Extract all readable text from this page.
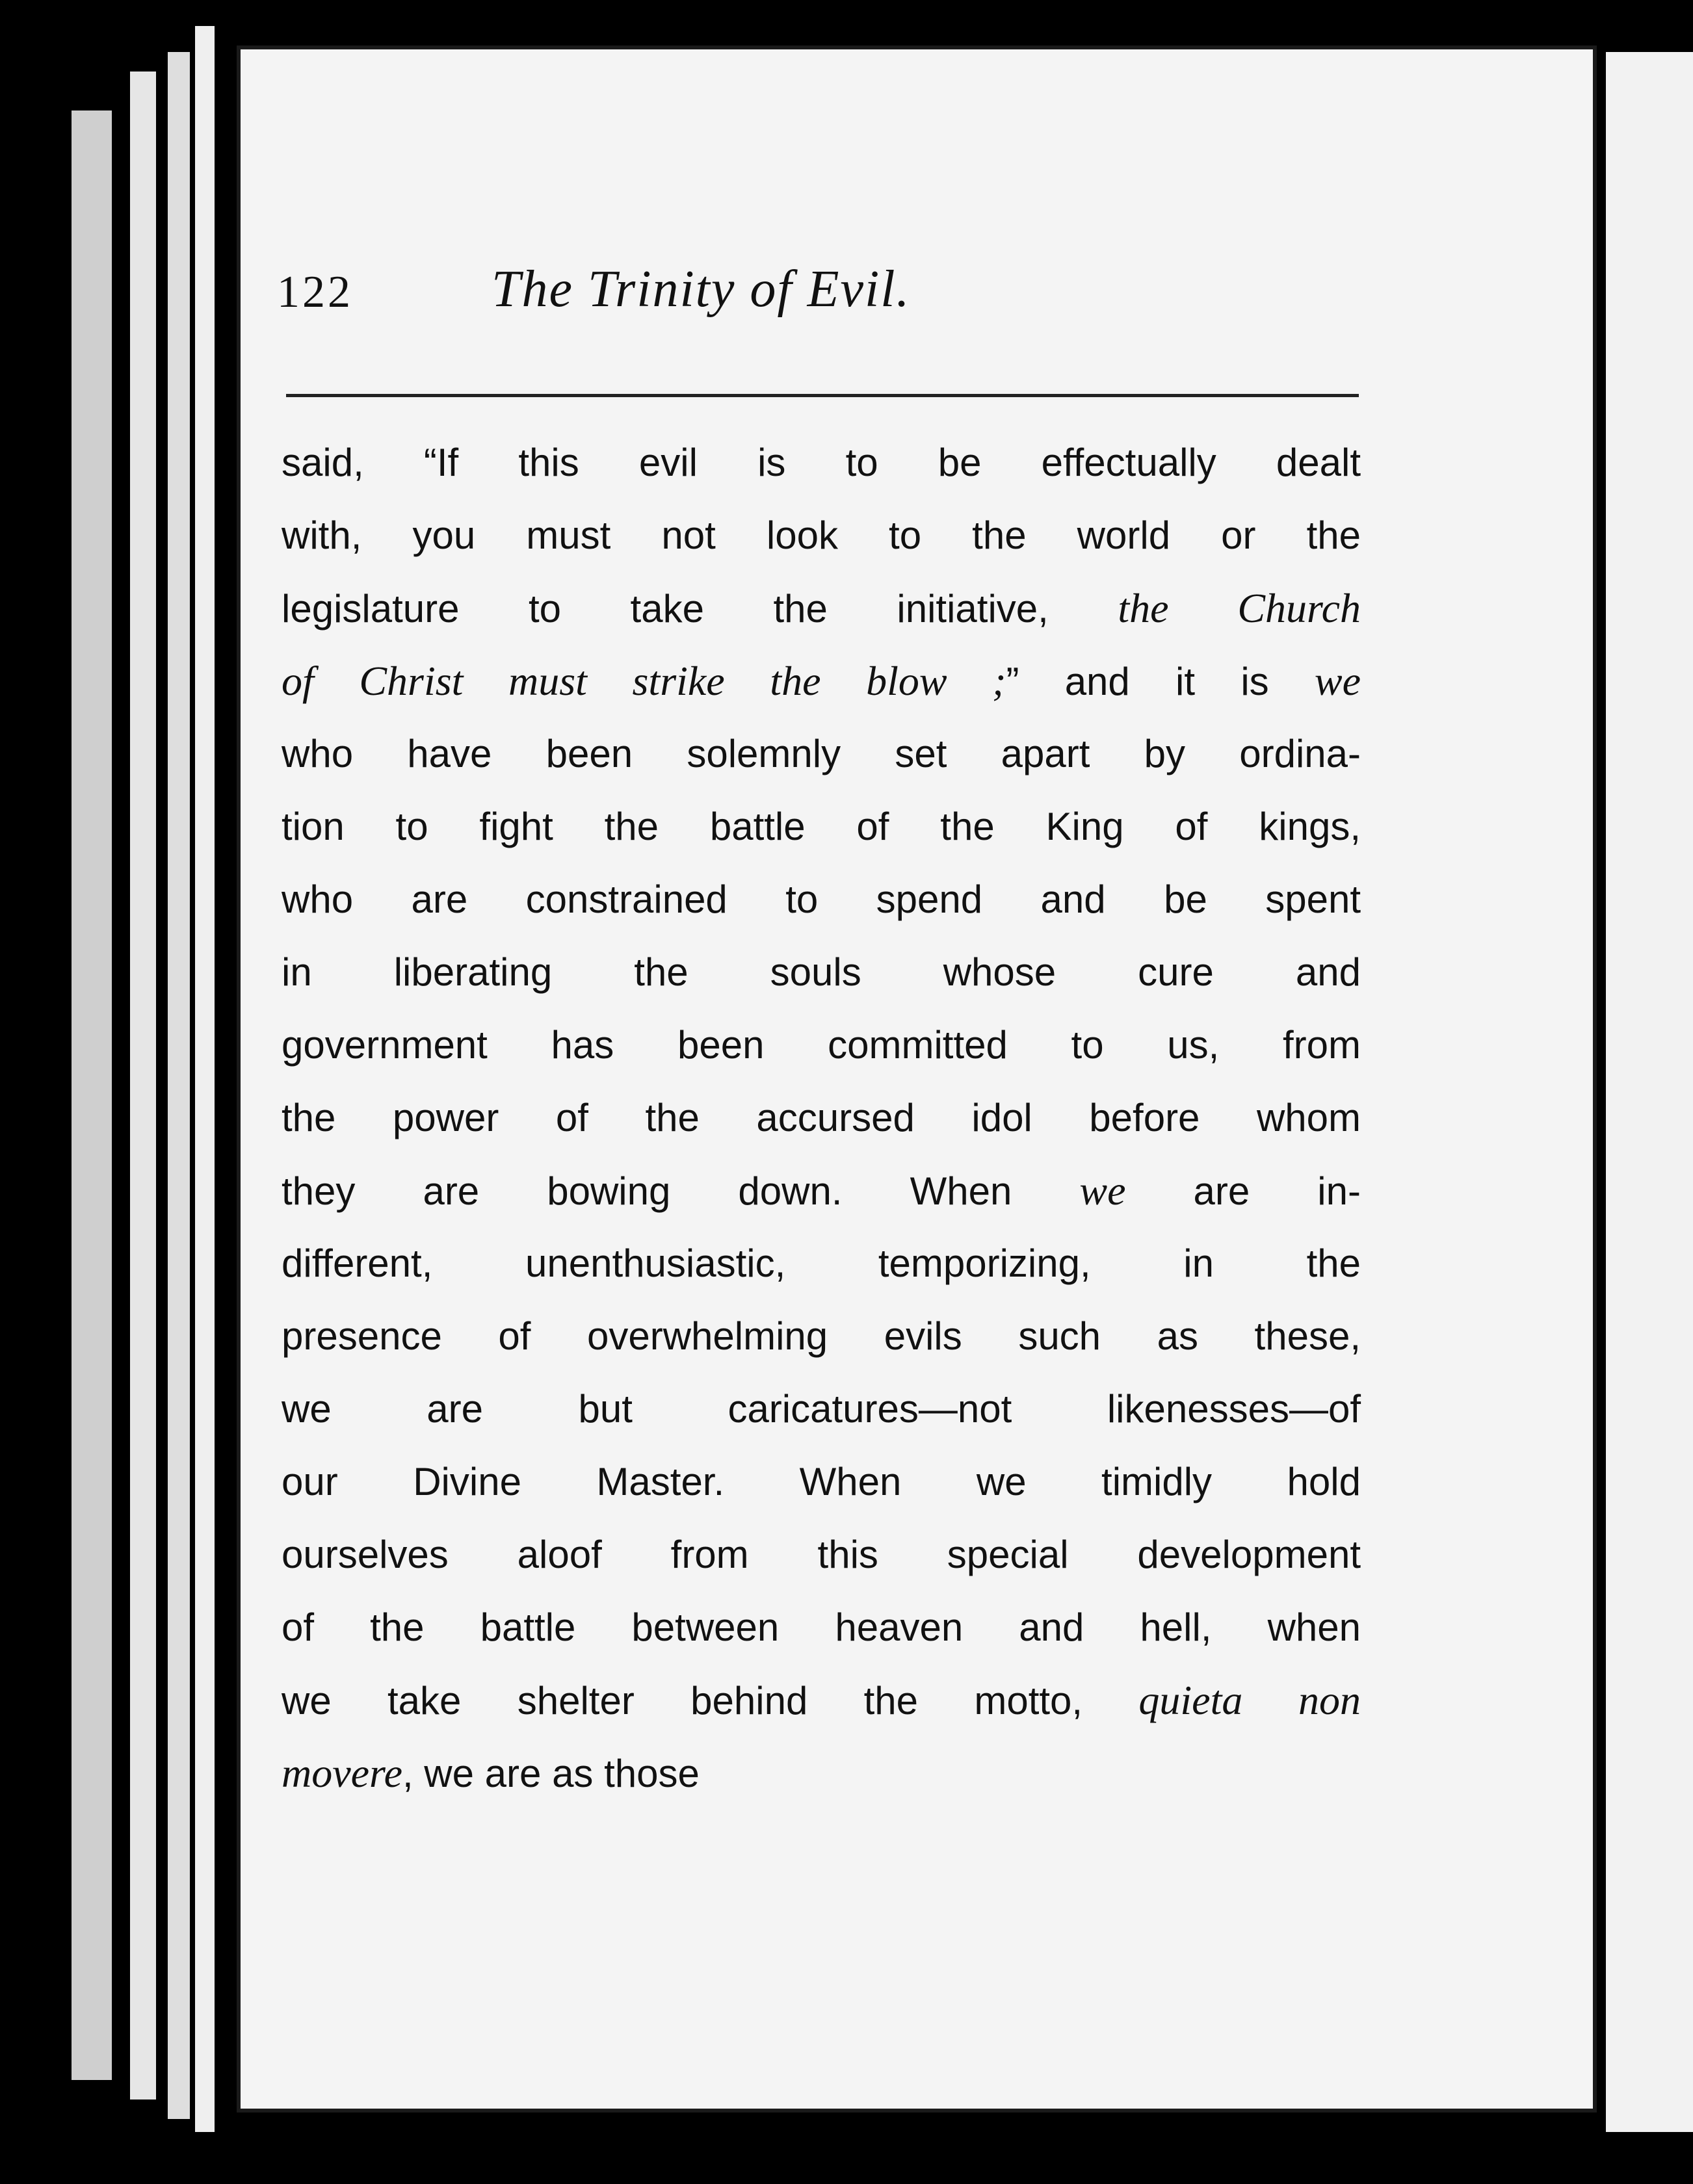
122	The Trinity of Evil.
said, “If this evil is to be effectually dealt
with, you must not look to the world or the
legislature to take the initiative, the Church
of Christ must strike the blow ;” and it is we
who have been solemnly set apart by ordina-
tion to fight the battle of the King of kings,
who are constrained to spend and be spent
in liberating the souls whose cure and
government has been committed to us, from
the power of the accursed idol before whom
they are bowing down. When we are in-
different, unenthusiastic, temporizing, in the
presence of overwhelming evils such as these,
we are but caricatures—not likenesses—of
our Divine Master. When we timidly hold
ourselves aloof from this special development
of the battle between heaven and hell, when
we take shelter behind the motto, quieta non
movere, we are as those
